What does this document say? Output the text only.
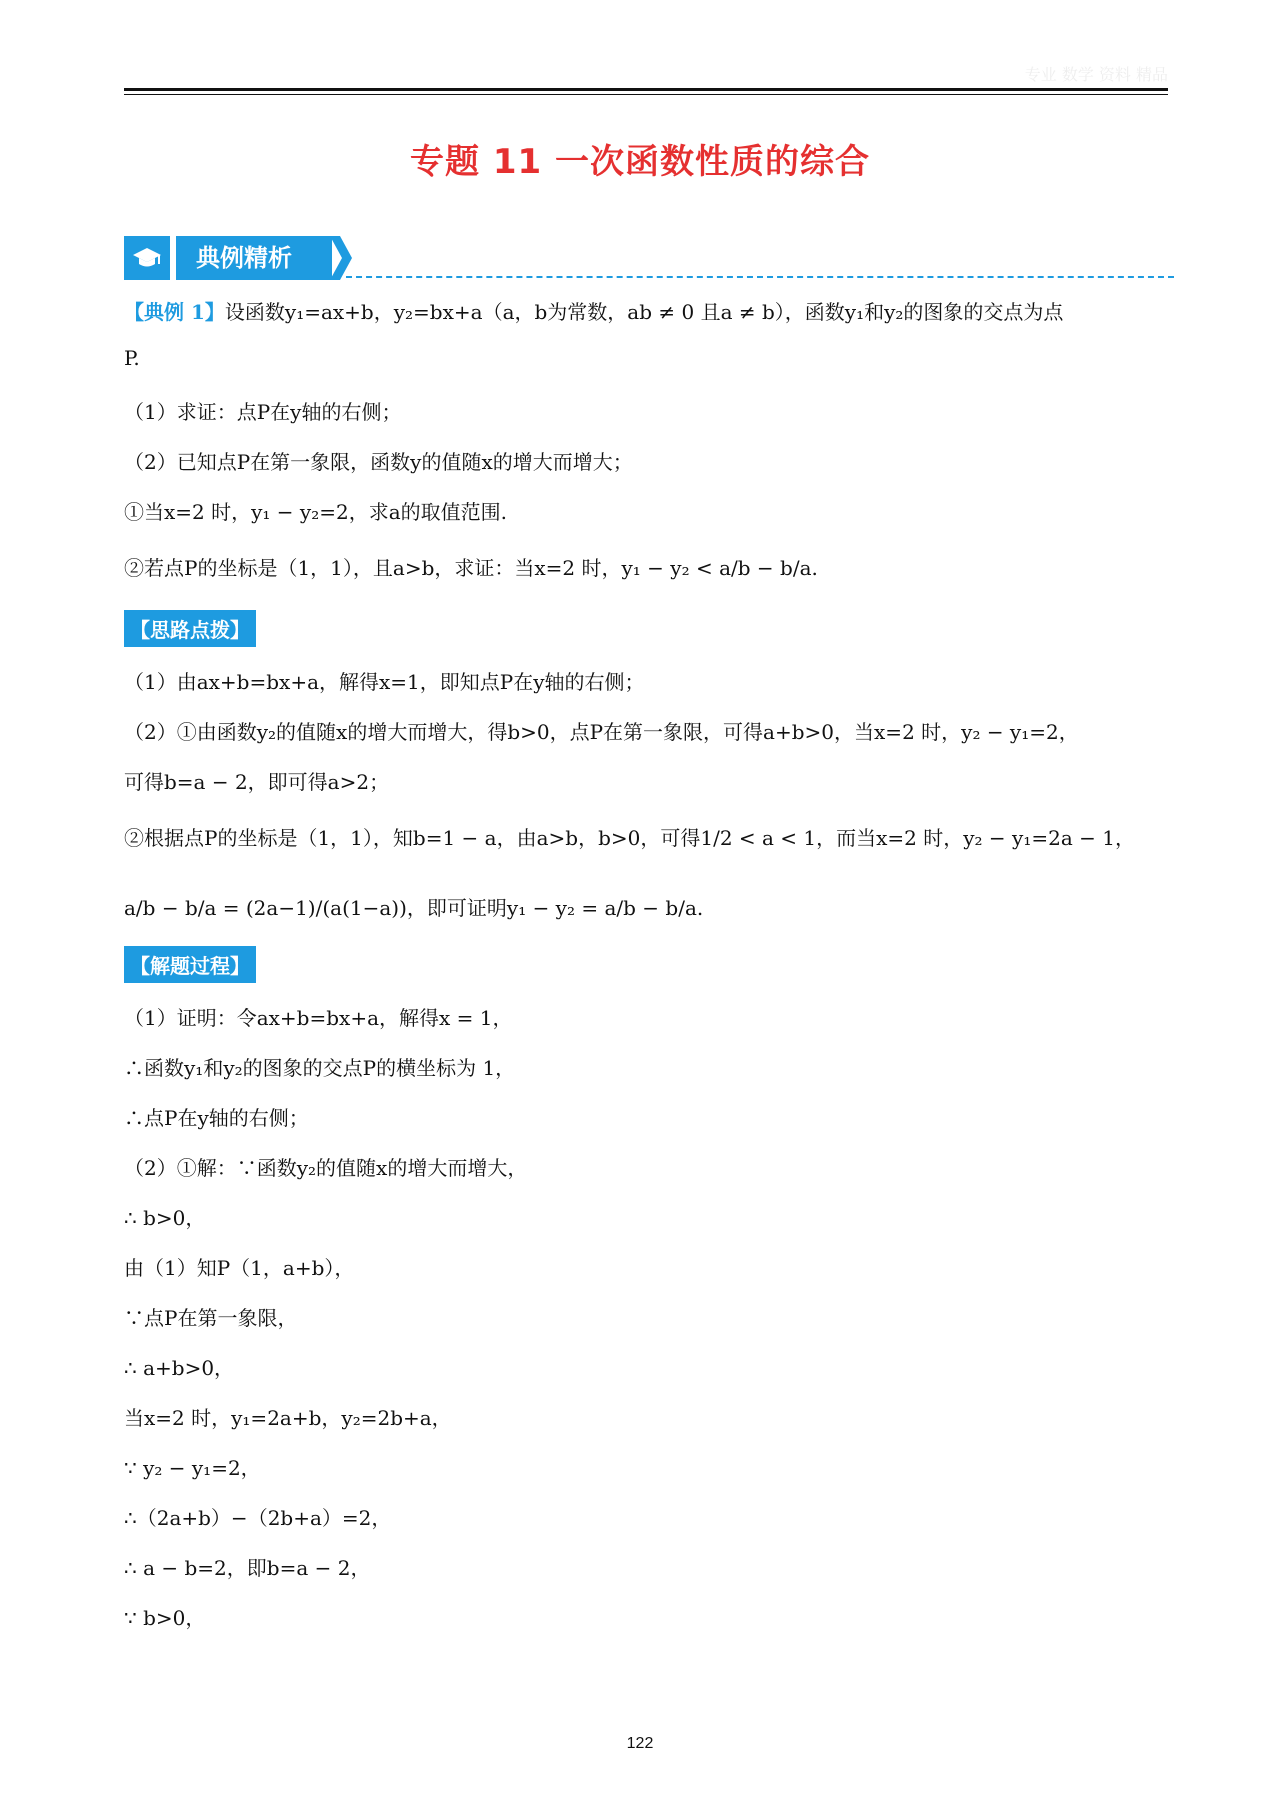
专业 数学 资料 精品
专题 11 一次函数性质的综合
典例精析
【典例 1】设函数y₁=ax+b，y₂=bx+a（a，b为常数，ab ≠ 0 且a ≠ b），函数y₁和y₂的图象的交点为点
P.
（1）求证：点P在y轴的右侧；
（2）已知点P在第一象限，函数y的值随x的增大而增大；
①当x=2 时，y₁ − y₂=2，求a的取值范围.
②若点P的坐标是（1，1），且a>b，求证：当x=2 时，y₁ − y₂ < a/b − b/a.
【思路点拨】
（1）由ax+b=bx+a，解得x=1，即知点P在y轴的右侧；
（2）①由函数y₂的值随x的增大而增大，得b>0，点P在第一象限，可得a+b>0，当x=2 时，y₂ − y₁=2，
可得b=a − 2，即可得a>2；
②根据点P的坐标是（1，1），知b=1 − a，由a>b，b>0，可得1/2 < a < 1，而当x=2 时，y₂ − y₁=2a − 1，
a/b − b/a = (2a−1)/(a(1−a))，即可证明y₁ − y₂ = a/b − b/a.
【解题过程】
（1）证明：令ax+b=bx+a，解得x = 1，
∴函数y₁和y₂的图象的交点P的横坐标为 1，
∴点P在y轴的右侧；
（2）①解：∵函数y₂的值随x的增大而增大，
∴ b>0，
由（1）知P（1，a+b），
∵点P在第一象限，
∴ a+b>0，
当x=2 时，y₁=2a+b，y₂=2b+a，
∵ y₂ − y₁=2，
∴（2a+b）−（2b+a）=2，
∴ a − b=2，即b=a − 2，
∵ b>0，
122
